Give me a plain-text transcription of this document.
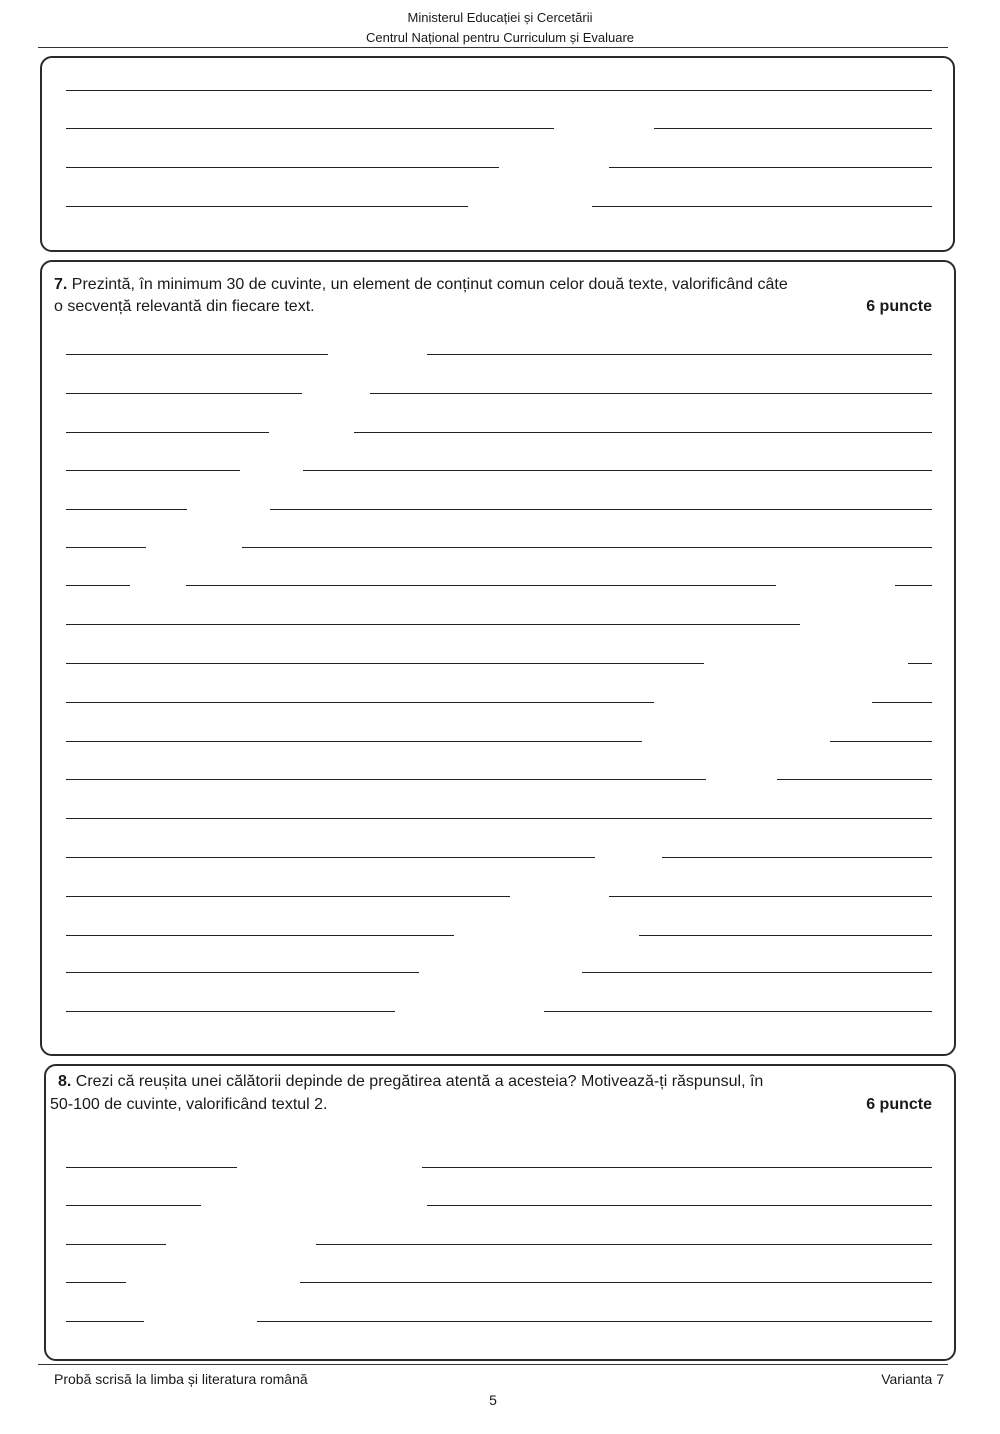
Ministerul Educației și Cercetării
Centrul Național pentru Curriculum și Evaluare
7. Prezintă, în minimum 30 de cuvinte, un element de conținut comun celor două texte, valorificând câte
o secvență relevantă din fiecare text.	6 puncte
8. Crezi că reușita unei călătorii depinde de pregătirea atentă a acesteia? Motivează-ți răspunsul, în
50-100 de cuvinte, valorificând textul 2.	6 puncte
Probă scrisă la limba și literatura română	Varianta 7
5
